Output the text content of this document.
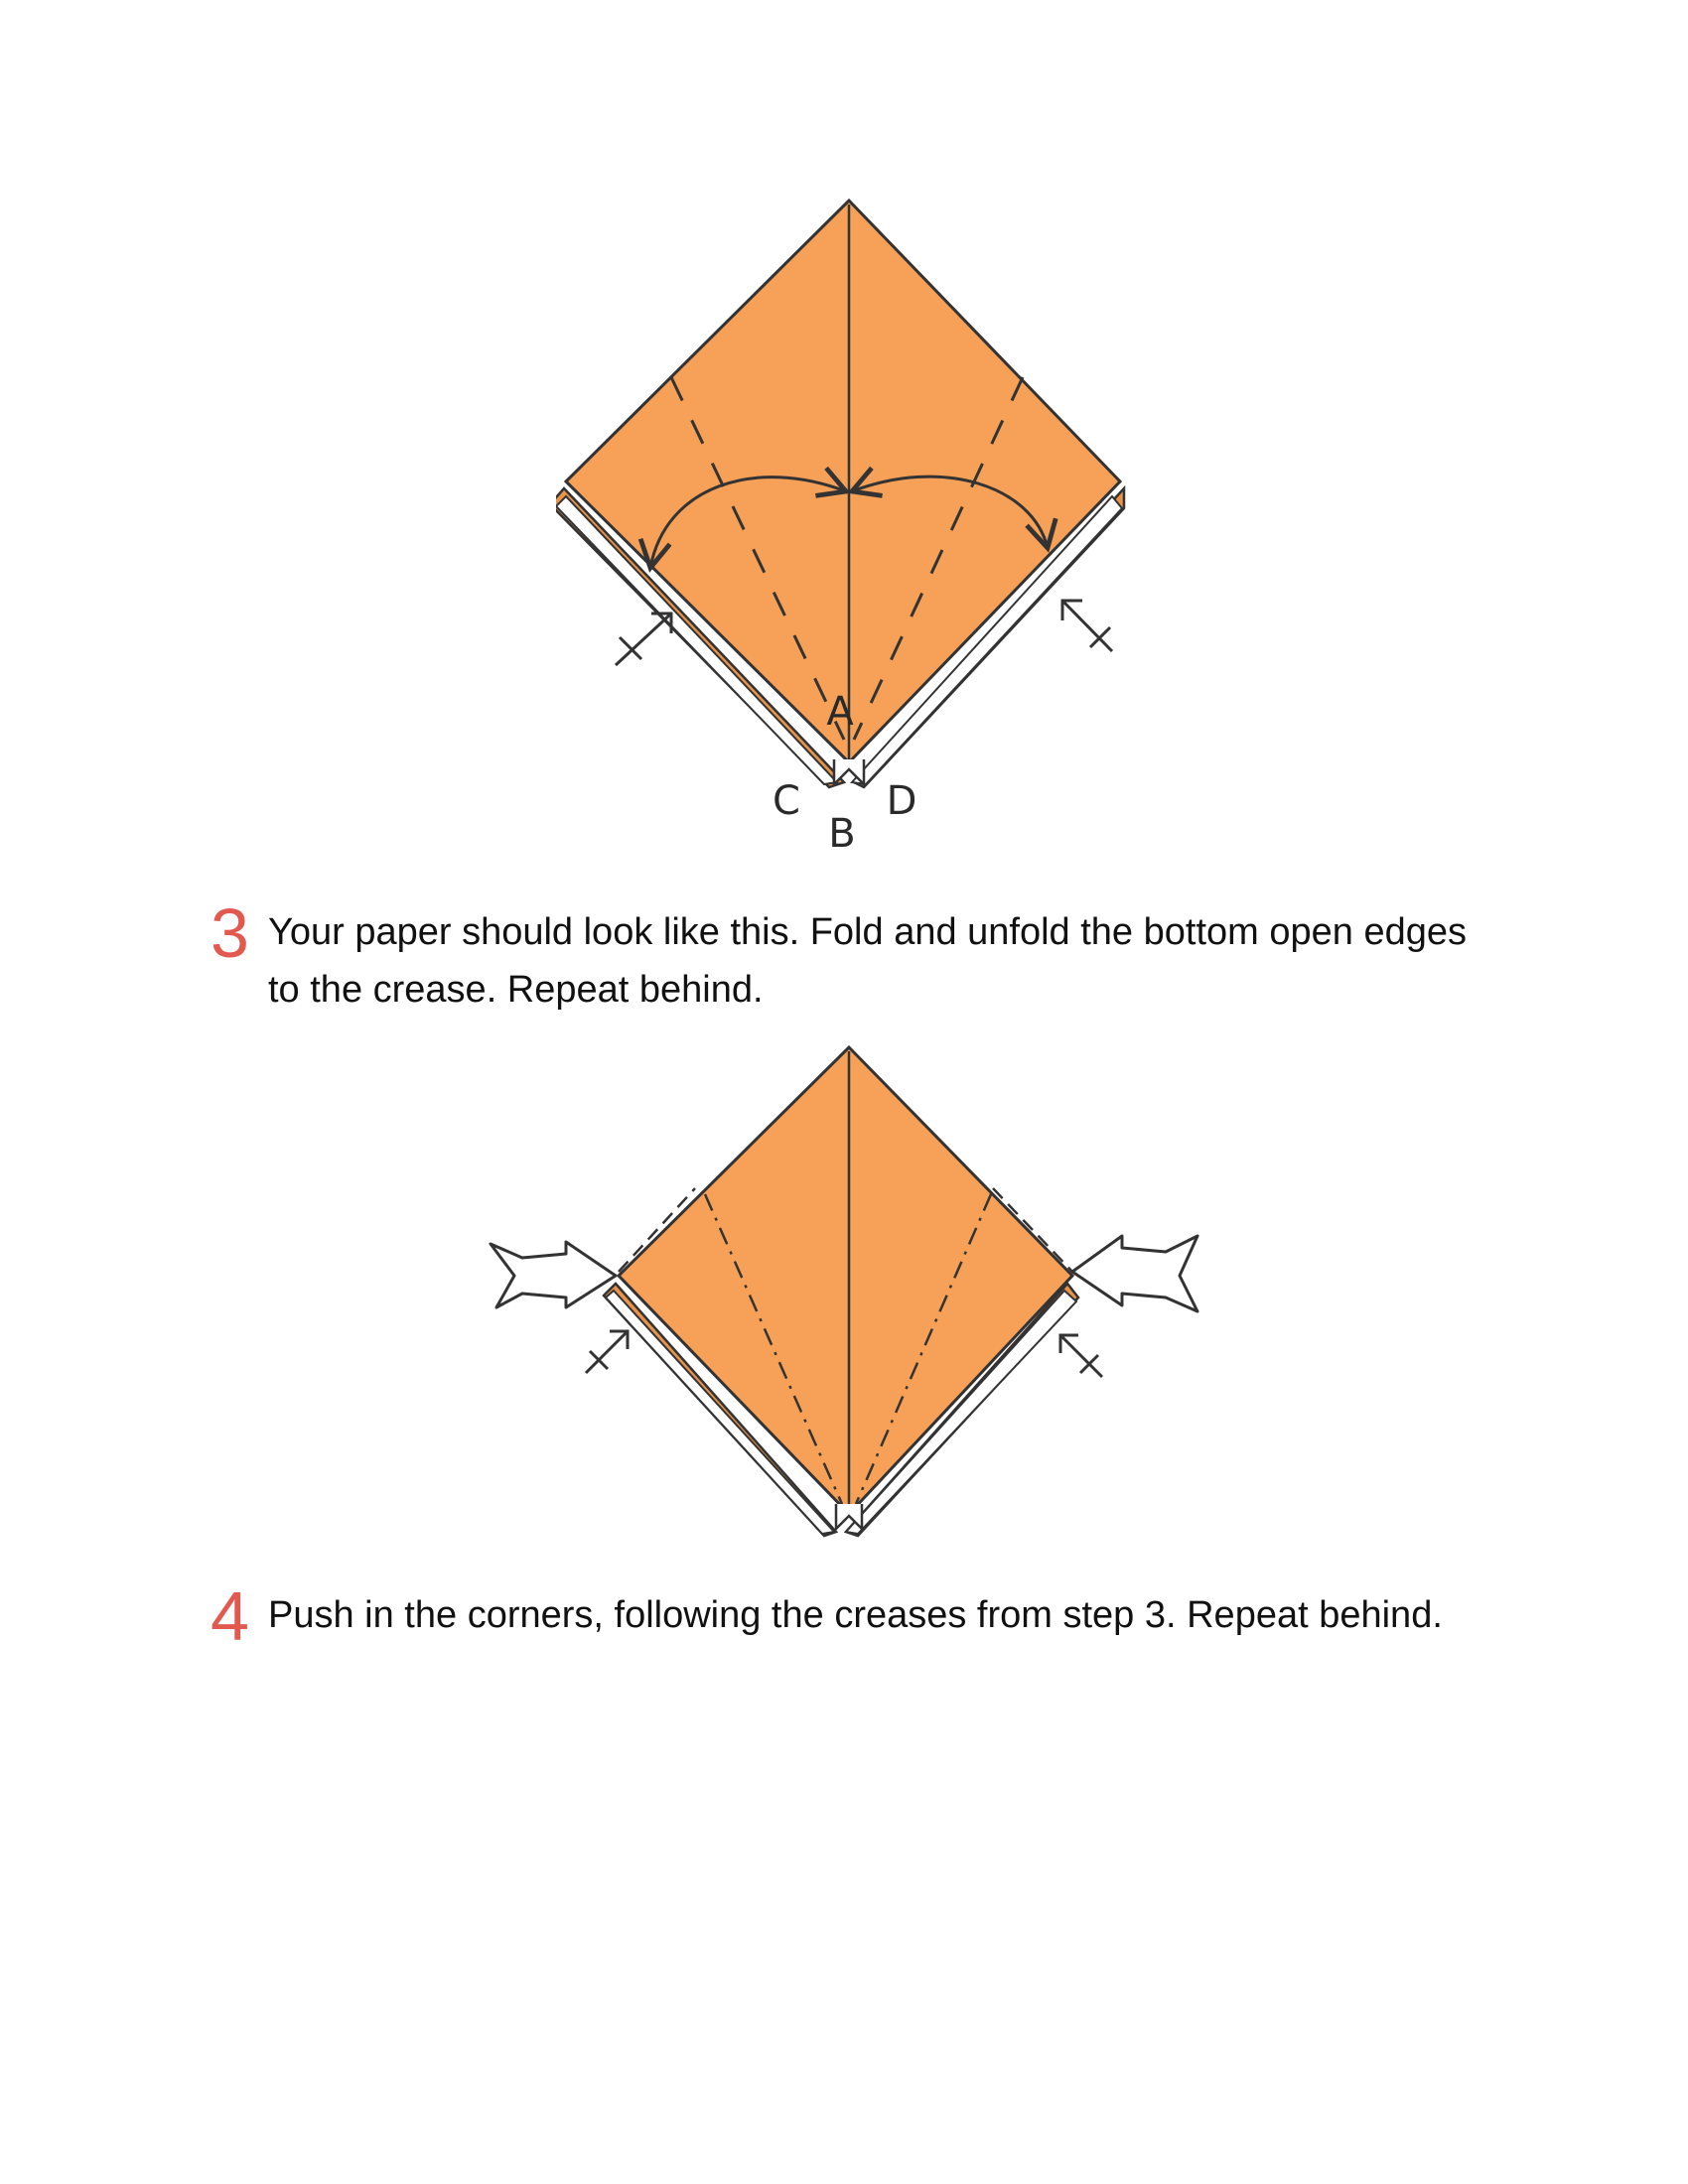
A
C
B
D
3 Your paper should look like this. Fold and unfold the bottom open edges to the crease. Repeat behind.
4 Push in the corners, following the creases from step 3. Repeat behind.
